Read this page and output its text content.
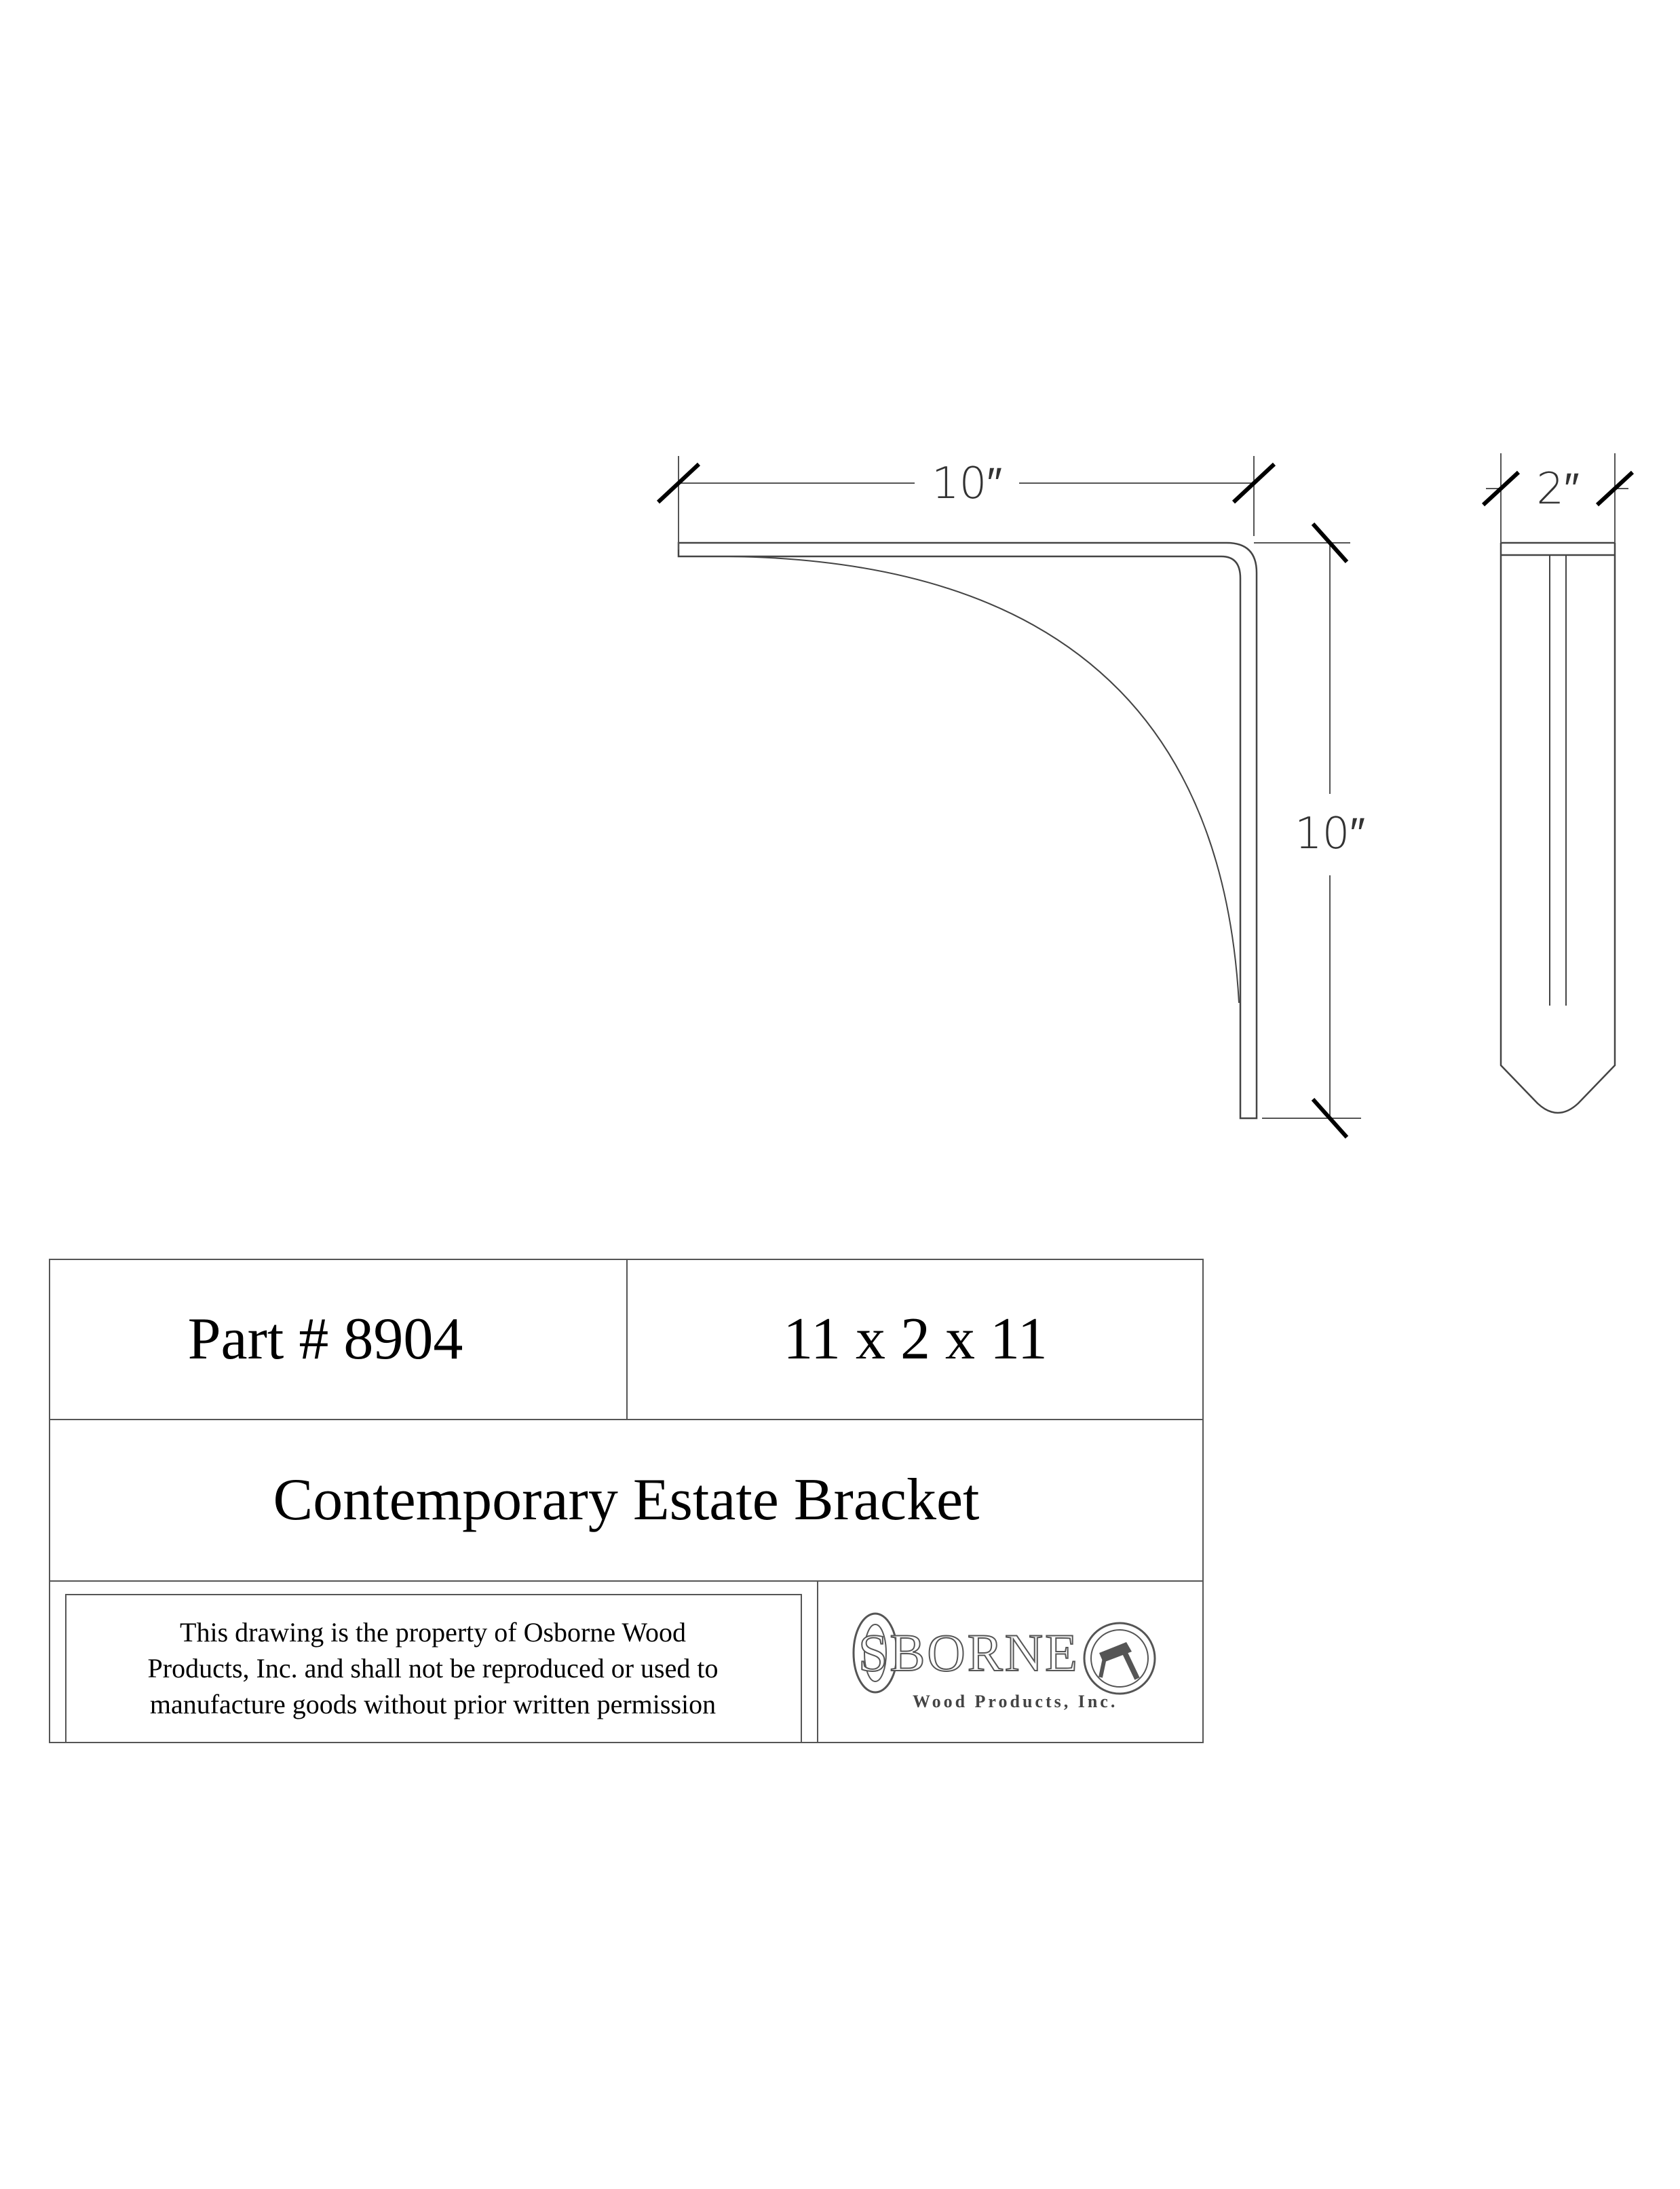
10″
10″
2″
Part # 8904	11 x 2 x 11
Contemporary Estate Bracket
This drawing is the property of Osborne Wood
Products, Inc. and shall not be reproduced or used to
manufacture goods without prior written permission
SBORNE
Wood Products, Inc.
